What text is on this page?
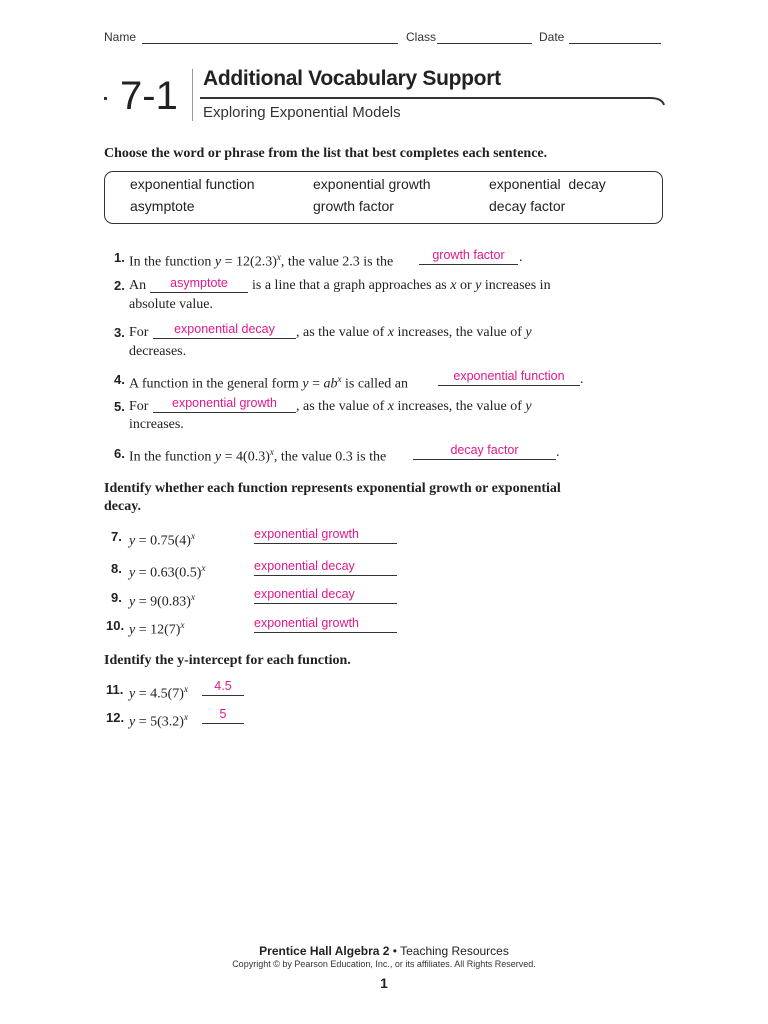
Name	Class	Date
7-1 Additional Vocabulary Support
Exploring Exponential Models
Choose the word or phrase from the list that best completes each sentence.
exponential function	exponential growth	exponential  decay
asymptote	growth factor	decay factor
1. In the function $y = 12(2.3)^x$, the value 2.3 is the	growth factor	.
2. An	asymptote	is a line that a graph approaches as x or y increases in
absolute value.
3. For	exponential decay	, as the value of x increases, the value of y
decreases.
4. A function in the general form $y = ab^x$ is called an
exponential function	.
5. For	exponential growth	, as the value of x increases, the value of y
increases.
6. In the function $y = 4(0.3)^x$, the value 0.3 is the	decay factor	.
Identify whether each function represents exponential growth or exponential
decay.
7. $y = 0.75(4)^x$	exponential growth
8. $y = 0.63(0.5)^x$	exponential decay
9. $y = 9(0.83)^x$	exponential decay
10. $y = 12(7)^x$	exponential growth
Identify the y-intercept for each function.
11. $y = 4.5(7)^x$	4.5
12. $y = 5(3.2)^x$	5
Prentice Hall Algebra 2 • Teaching Resources
Copyright © by Pearson Education, Inc., or its affiliates. All Rights Reserved.
1
